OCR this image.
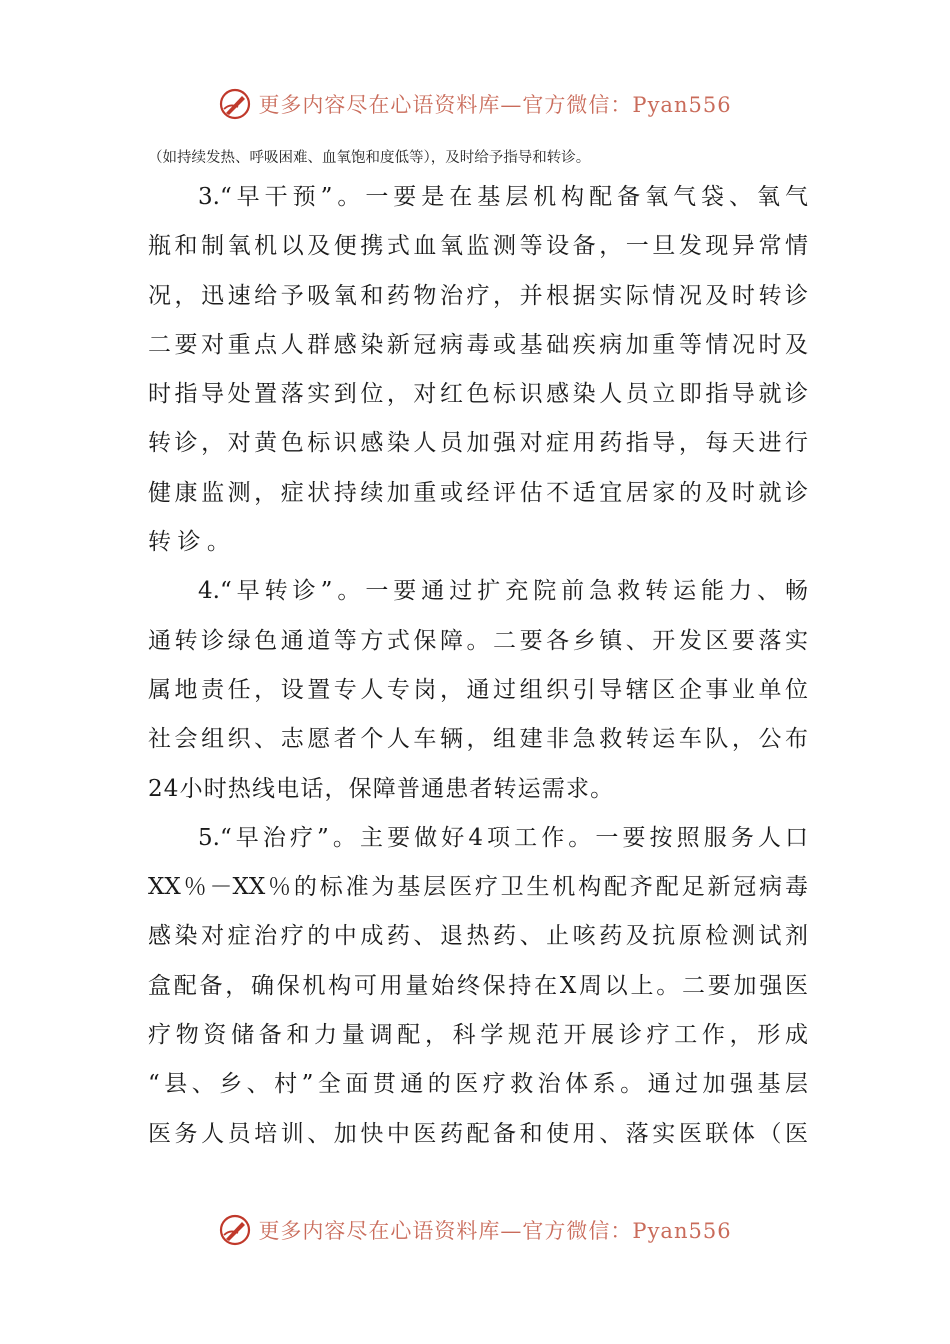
更多内容尽在心语资料库—官方微信：Pyan556
（如持续发热、呼吸困难、血氧饱和度低等），及时给予指导和转诊。
3.“早干预”。一要是在基层机构配备氧气袋、氧气
瓶和制氧机以及便携式血氧监测等设备，一旦发现异常情
况，迅速给予吸氧和药物治疗，并根据实际情况及时转诊
二要对重点人群感染新冠病毒或基础疾病加重等情况时及
时指导处置落实到位，对红色标识感染人员立即指导就诊
转诊，对黄色标识感染人员加强对症用药指导，每天进行
健康监测，症状持续加重或经评估不适宜居家的及时就诊
转诊。
4.“早转诊”。一要通过扩充院前急救转运能力、畅
通转诊绿色通道等方式保障。二要各乡镇、开发区要落实
属地责任，设置专人专岗，通过组织引导辖区企事业单位
社会组织、志愿者个人车辆，组建非急救转运车队，公布
24小时热线电话，保障普通患者转运需求。
5.“早治疗”。主要做好4项工作。一要按照服务人口
XX％－XX％的标准为基层医疗卫生机构配齐配足新冠病毒
感染对症治疗的中成药、退热药、止咳药及抗原检测试剂
盒配备，确保机构可用量始终保持在X周以上。二要加强医
疗物资储备和力量调配，科学规范开展诊疗工作，形成
“县、乡、村”全面贯通的医疗救治体系。通过加强基层
医务人员培训、加快中医药配备和使用、落实医联体（医
更多内容尽在心语资料库—官方微信：Pyan556
